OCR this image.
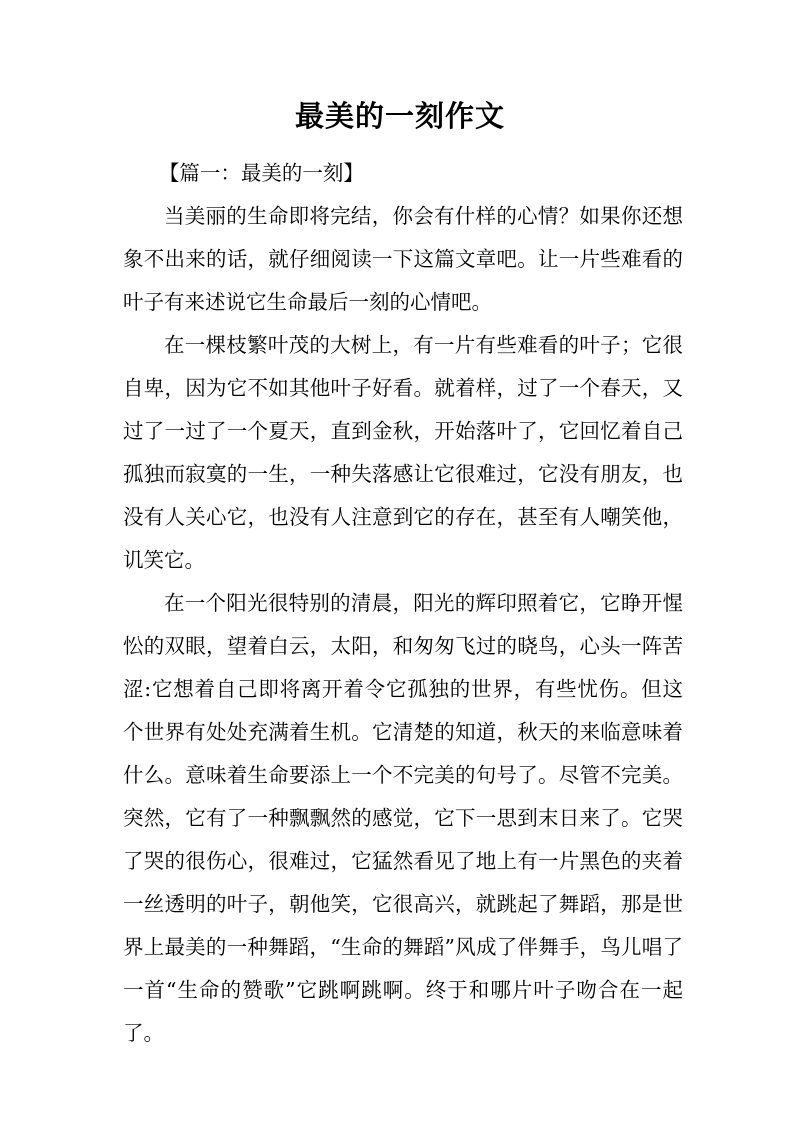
最美的一刻作文

【篇一：最美的一刻】

当美丽的生命即将完结，你会有什样的心情？如果你还想象不出来的话，就仔细阅读一下这篇文章吧。让一片些难看的叶子有来述说它生命最后一刻的心情吧。

在一棵枝繁叶茂的大树上，有一片有些难看的叶子；它很自卑，因为它不如其他叶子好看。就着样，过了一个春天，又过了一过了一个夏天，直到金秋，开始落叶了，它回忆着自己孤独而寂寞的一生，一种失落感让它很难过，它没有朋友，也没有人关心它，也没有人注意到它的存在，甚至有人嘲笑他，讥笑它。

在一个阳光很特别的清晨，阳光的辉印照着它，它睁开惺忪的双眼，望着白云，太阳，和匆匆飞过的晓鸟，心头一阵苦涩:它想着自己即将离开着令它孤独的世界，有些忧伤。但这个世界有处处充满着生机。它清楚的知道，秋天的来临意味着什么。意味着生命要添上一个不完美的句号了。尽管不完美。突然，它有了一种飘飘然的感觉，它下一思到末日来了。它哭了哭的很伤心，很难过，它猛然看见了地上有一片黑色的夹着一丝透明的叶子，朝他笑，它很高兴，就跳起了舞蹈，那是世界上最美的一种舞蹈，“生命的舞蹈”风成了伴舞手，鸟儿唱了一首“生命的赞歌”它跳啊跳啊。终于和哪片叶子吻合在一起了。
